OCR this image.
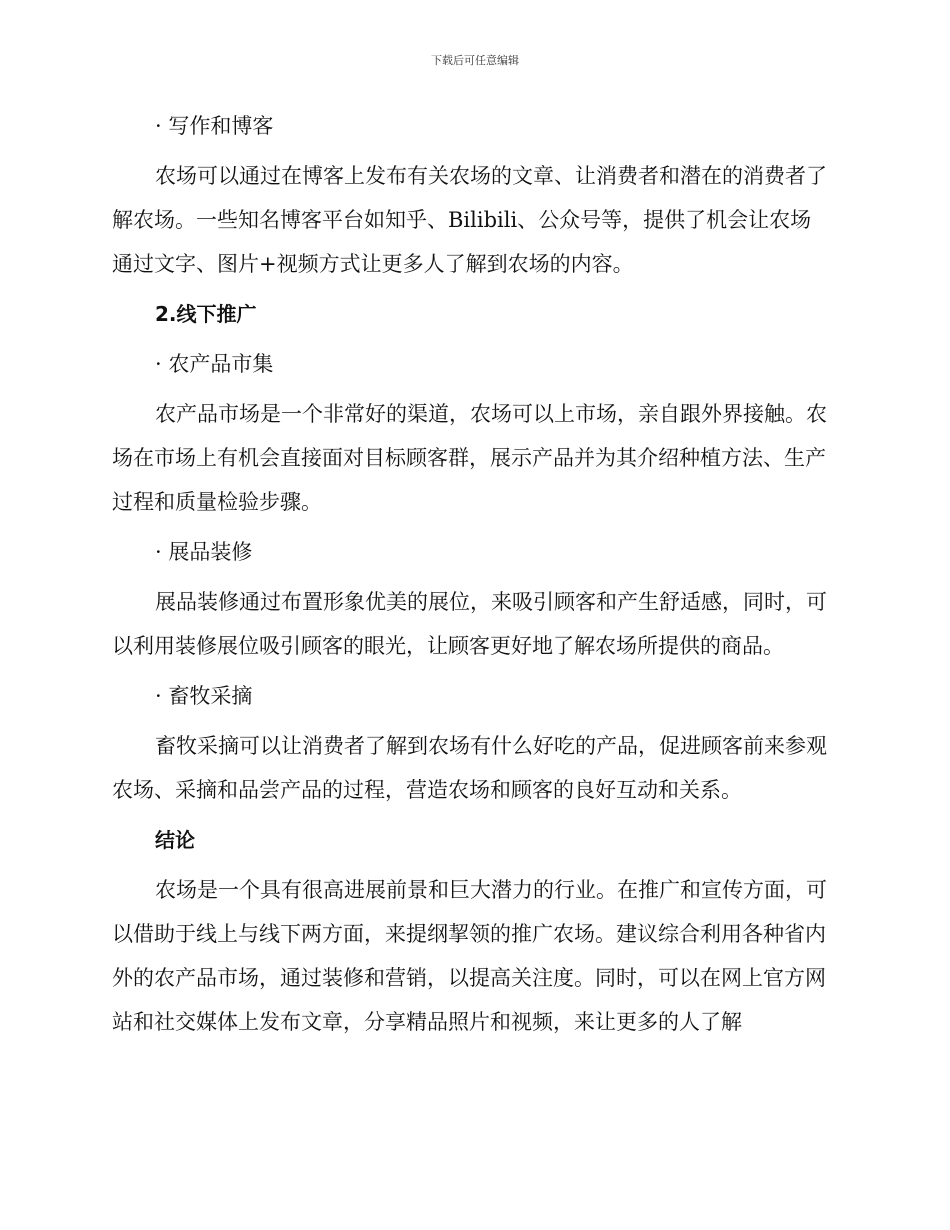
下载后可任意编辑

· 写作和博客

农场可以通过在博客上发布有关农场的文章、让消费者和潜在的消费者了解农场。一些知名博客平台如知乎、Bilibili、公众号等，提供了机会让农场通过文字、图片+视频方式让更多人了解到农场的内容。

2.线下推广

· 农产品市集

农产品市场是一个非常好的渠道，农场可以上市场，亲自跟外界接触。农场在市场上有机会直接面对目标顾客群，展示产品并为其介绍种植方法、生产过程和质量检验步骤。

· 展品装修

展品装修通过布置形象优美的展位，来吸引顾客和产生舒适感，同时，可以利用装修展位吸引顾客的眼光，让顾客更好地了解农场所提供的商品。

· 畜牧采摘

畜牧采摘可以让消费者了解到农场有什么好吃的产品，促进顾客前来参观农场、采摘和品尝产品的过程，营造农场和顾客的良好互动和关系。

结论

农场是一个具有很高进展前景和巨大潜力的行业。在推广和宣传方面，可以借助于线上与线下两方面，来提纲挈领的推广农场。建议综合利用各种省内外的农产品市场，通过装修和营销，以提高关注度。同时，可以在网上官方网站和社交媒体上发布文章，分享精品照片和视频，来让更多的人了解
